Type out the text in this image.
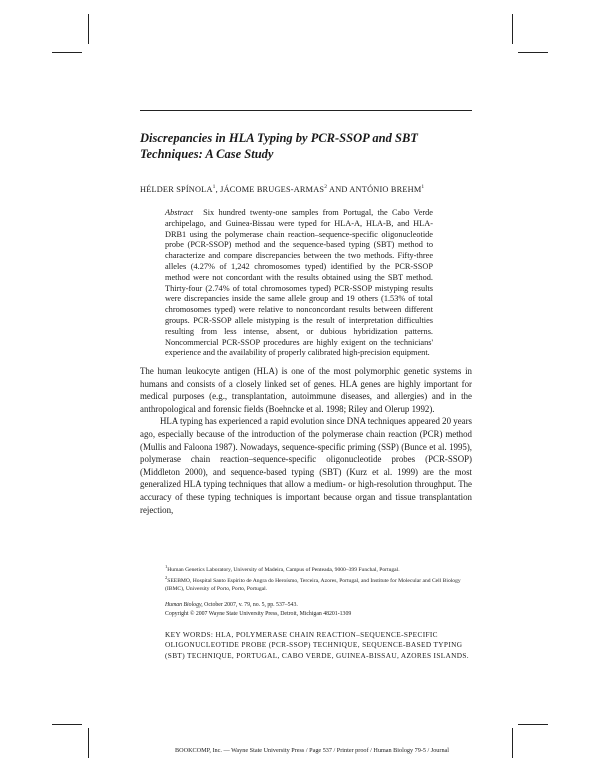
Discrepancies in HLA Typing by PCR-SSOP and SBT Techniques: A Case Study
HÉLDER SPÍNOLA$^1$, JÁCOME BRUGES-ARMAS$^2$ AND ANTÓNIO BREHM$^1$

Abstract Six hundred twenty-one samples from Portugal, the Cabo Verde archipelago, and Guinea-Bissau were typed for HLA-A, HLA-B, and HLA-DRB1 using the polymerase chain reaction–sequence-specific oligonucleotide probe (PCR-SSOP) method and the sequence-based typing (SBT) method to characterize and compare discrepancies between the two methods. Fifty-three alleles (4.27% of 1,242 chromosomes typed) identified by the PCR-SSOP method were not concordant with the results obtained using the SBT method. Thirty-four (2.74% of total chromosomes typed) PCR-SSOP mistyping results were discrepancies inside the same allele group and 19 others (1.53% of total chromosomes typed) were relative to nonconcordant results between different groups. PCR-SSOP allele mistyping is the result of interpretation difficulties resulting from less intense, absent, or dubious hybridization patterns. Noncommercial PCR-SSOP procedures are highly exigent on the technicians' experience and the availability of properly calibrated high-precision equipment.

The human leukocyte antigen (HLA) is one of the most polymorphic genetic systems in humans and consists of a closely linked set of genes. HLA genes are highly important for medical purposes (e.g., transplantation, autoimmune diseases, and allergies) and in the anthropological and forensic fields (Boehncke et al. 1998; Riley and Olerup 1992).

HLA typing has experienced a rapid evolution since DNA techniques appeared 20 years ago, especially because of the introduction of the polymerase chain reaction (PCR) method (Mullis and Faloona 1987). Nowadays, sequence-specific priming (SSP) (Bunce et al. 1995), polymerase chain reaction–sequence-specific oligonucleotide probes (PCR-SSOP) (Middleton 2000), and sequence-based typing (SBT) (Kurz et al. 1999) are the most generalized HLA typing techniques that allow a medium- or high-resolution throughput. The accuracy of these typing techniques is important because organ and tissue transplantation rejection,

$^1$Human Genetics Laboratory, University of Madeira, Campus of Penteada, 9000–399 Funchal, Portugal.

$^2$SEEBMO, Hospital Santo Espírito de Angra do Heroísmo, Terceira, Azores, Portugal, and Institute for Molecular and Cell Biology (IBMC), University of Porto, Porto, Portugal.

Human Biology, October 2007, v. 79, no. 5, pp. 537–543.

Copyright © 2007 Wayne State University Press, Detroit, Michigan 48201-1309

KEY WORDS: HLA, POLYMERASE CHAIN REACTION–SEQUENCE-SPECIFIC OLIGONUCLEOTIDE PROBE (PCR-SSOP) TECHNIQUE, SEQUENCE-BASED TYPING (SBT) TECHNIQUE, PORTUGAL, CABO VERDE, GUINEA-BISSAU, AZORES ISLANDS.

BOOKCOMP, Inc. — Wayne State University Press / Page 537 / Printer proof / Human Biology 79-5 / Journal
